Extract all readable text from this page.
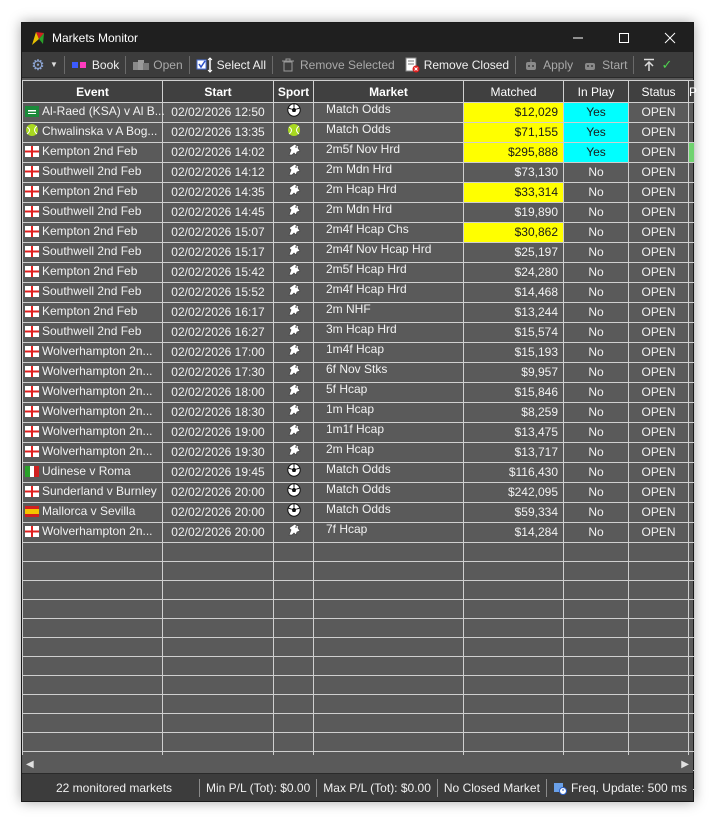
Markets Monitor
⚙ ▼	Book	Open	Select All	Remove Selected Remove Closed	Apply Start	✓
Event	Start	Sport	Market	Matched	In Play	Status	P
Al-Raed (KSA) v Al B...	02/02/2026 12:50		Match Odds	$12,029	Yes	OPEN	
Chwalinska v A Bog...	02/02/2026 13:35		Match Odds	$71,155	Yes	OPEN	
Kempton 2nd Feb	02/02/2026 14:02		2m5f Nov Hrd	$295,888	Yes	OPEN	
Southwell 2nd Feb	02/02/2026 14:12		2m Mdn Hrd	$73,130	No	OPEN	
Kempton 2nd Feb	02/02/2026 14:35		2m Hcap Hrd	$33,314	No	OPEN	
Southwell 2nd Feb	02/02/2026 14:45		2m Mdn Hrd	$19,890	No	OPEN	
Kempton 2nd Feb	02/02/2026 15:07		2m4f Hcap Chs	$30,862	No	OPEN	
Southwell 2nd Feb	02/02/2026 15:17		2m4f Nov Hcap Hrd	$25,197	No	OPEN	
Kempton 2nd Feb	02/02/2026 15:42		2m5f Hcap Hrd	$24,280	No	OPEN	
Southwell 2nd Feb	02/02/2026 15:52		2m4f Hcap Hrd	$14,468	No	OPEN	
Kempton 2nd Feb	02/02/2026 16:17		2m NHF	$13,244	No	OPEN	
Southwell 2nd Feb	02/02/2026 16:27		3m Hcap Hrd	$15,574	No	OPEN	
Wolverhampton 2n...	02/02/2026 17:00		1m4f Hcap	$15,193	No	OPEN	
Wolverhampton 2n...	02/02/2026 17:30		6f Nov Stks	$9,957	No	OPEN	
Wolverhampton 2n...	02/02/2026 18:00		5f Hcap	$15,846	No	OPEN	
Wolverhampton 2n...	02/02/2026 18:30		1m Hcap	$8,259	No	OPEN	
Wolverhampton 2n...	02/02/2026 19:00		1m1f Hcap	$13,475	No	OPEN	
Wolverhampton 2n...	02/02/2026 19:30		2m Hcap	$13,717	No	OPEN	
Udinese v Roma	02/02/2026 19:45		Match Odds	$116,430	No	OPEN	
Sunderland v Burnley	02/02/2026 20:00		Match Odds	$242,095	No	OPEN	
Mallorca v Sevilla	02/02/2026 20:00		Match Odds	$59,334	No	OPEN	
Wolverhampton 2n...	02/02/2026 20:00		7f Hcap	$14,284	No	OPEN	

◀	▶
22 monitored markets	Min P/L (Tot): $0.00	Max P/L (Tot): $0.00	No Closed Market	Freq. Update: 500 ms
